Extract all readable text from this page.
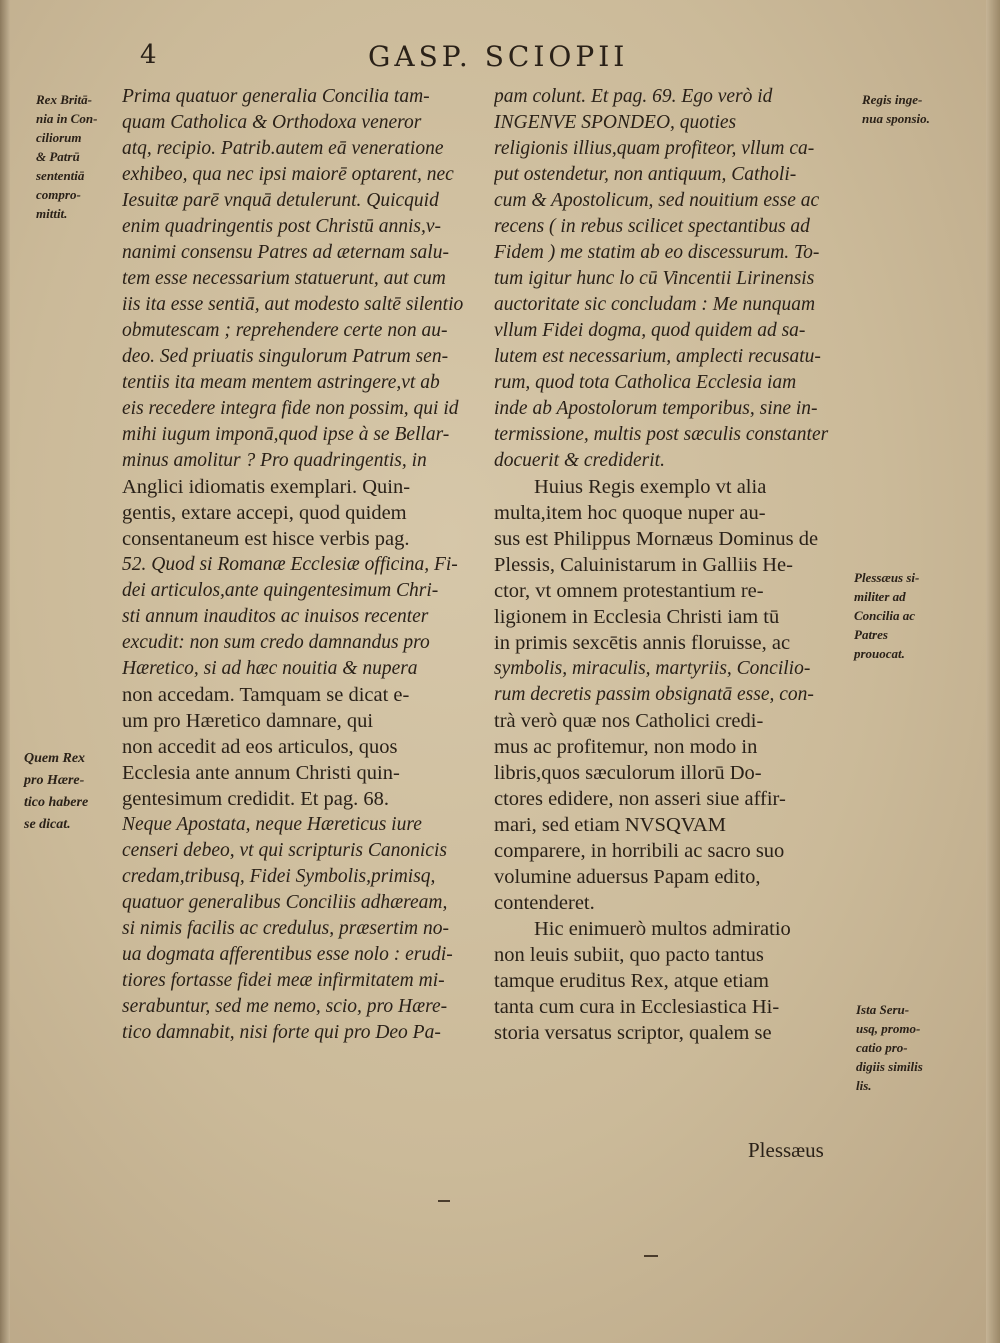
4	GASP. SCIOPII
Rex Britā-
nia in Con-
ciliorum
& Patrū
sententiā
compro-
mittit.
Quem Rex
pro Hære-
tico habere
se dicat.
Regis inge-
nua sponsio.
Plessæus si-
militer ad
Concilia ac
Patres
prouocat.
Ista Seru-
usq, promo-
catio pro-
digiis similis
lis.
Prima quatuor generalia Concilia tam-
quam Catholica & Orthodoxa veneror
atq, recipio. Patrib.autem eā veneratione
exhibeo, qua nec ipsi maiorē optarent, nec
Iesuitæ parē vnquā detulerunt. Quicquid
enim quadringentis post Christū annis,v-
nanimi consensu Patres ad æternam salu-
tem esse necessarium statuerunt, aut cum
iis ita esse sentiā, aut modesto saltē silentio
obmutescam ; reprehendere certe non au-
deo. Sed priuatis singulorum Patrum sen-
tentiis ita meam mentem astringere,vt ab
eis recedere integra fide non possim, qui id
mihi iugum imponā,quod ipse à se Bellar-
minus amolitur ? Pro quadringentis, in
Anglici idiomatis exemplari. Quin-
gentis, extare accepi, quod quidem
consentaneum est hisce verbis pag.
52. Quod si Romanæ Ecclesiæ officina, Fi-
dei articulos,ante quingentesimum Chri-
sti annum inauditos ac inuisos recenter
excudit: non sum credo damnandus pro
Hæretico, si ad hæc nouitia & nupera
non accedam. Tamquam se dicat e-
um pro Hæretico damnare, qui
non accedit ad eos articulos, quos
Ecclesia ante annum Christi quin-
gentesimum credidit. Et pag. 68.
Neque Apostata, neque Hæreticus iure
censeri debeo, vt qui scripturis Canonicis
credam,tribusq, Fidei Symbolis,primisq,
quatuor generalibus Conciliis adhæream,
si nimis facilis ac credulus, præsertim no-
ua dogmata afferentibus esse nolo : erudi-
tiores fortasse fidei meæ infirmitatem mi-
serabuntur, sed me nemo, scio, pro Hære-
tico damnabit, nisi forte qui pro Deo Pa-
pam colunt. Et pag. 69. Ego verò id
INGENVE SPONDEO, quoties
religionis illius,quam profiteor, vllum ca-
put ostendetur, non antiquum, Catholi-
cum & Apostolicum, sed nouitium esse ac
recens ( in rebus scilicet spectantibus ad
Fidem ) me statim ab eo discessurum. To-
tum igitur hunc lo cū Vincentii Lirinensis
auctoritate sic concludam : Me nunquam
vllum Fidei dogma, quod quidem ad sa-
lutem est necessarium, amplecti recusatu-
rum, quod tota Catholica Ecclesia iam
inde ab Apostolorum temporibus, sine in-
termissione, multis post sæculis constanter
docuerit & crediderit.
Huius Regis exemplo vt alia
multa,item hoc quoque nuper au-
sus est Philippus Mornæus Dominus de
Plessis, Caluinistarum in Galliis He-
ctor, vt omnem protestantium re-
ligionem in Ecclesia Christi iam tū
in primis sexcētis annis floruisse, ac
symbolis, miraculis, martyriis, Conciliо-
rum decretis passim obsignatā esse, con-
trà verò quæ nos Catholici credi-
mus ac profitemur, non modo in
libris,quos sæculorum illorū Do-
ctores edidere, non asseri siue affir-
mari, sed etiam NVSQVAM
comparere, in horribili ac sacro suo
volumine aduersus Papam edito,
contenderet.
Hic enimuerò multos admiratio
non leuis subiit, quo pacto tantus
tamque eruditus Rex, atque etiam
tanta cum cura in Ecclesiastica Hi-
storia versatus scriptor, qualem se
Plessæus
